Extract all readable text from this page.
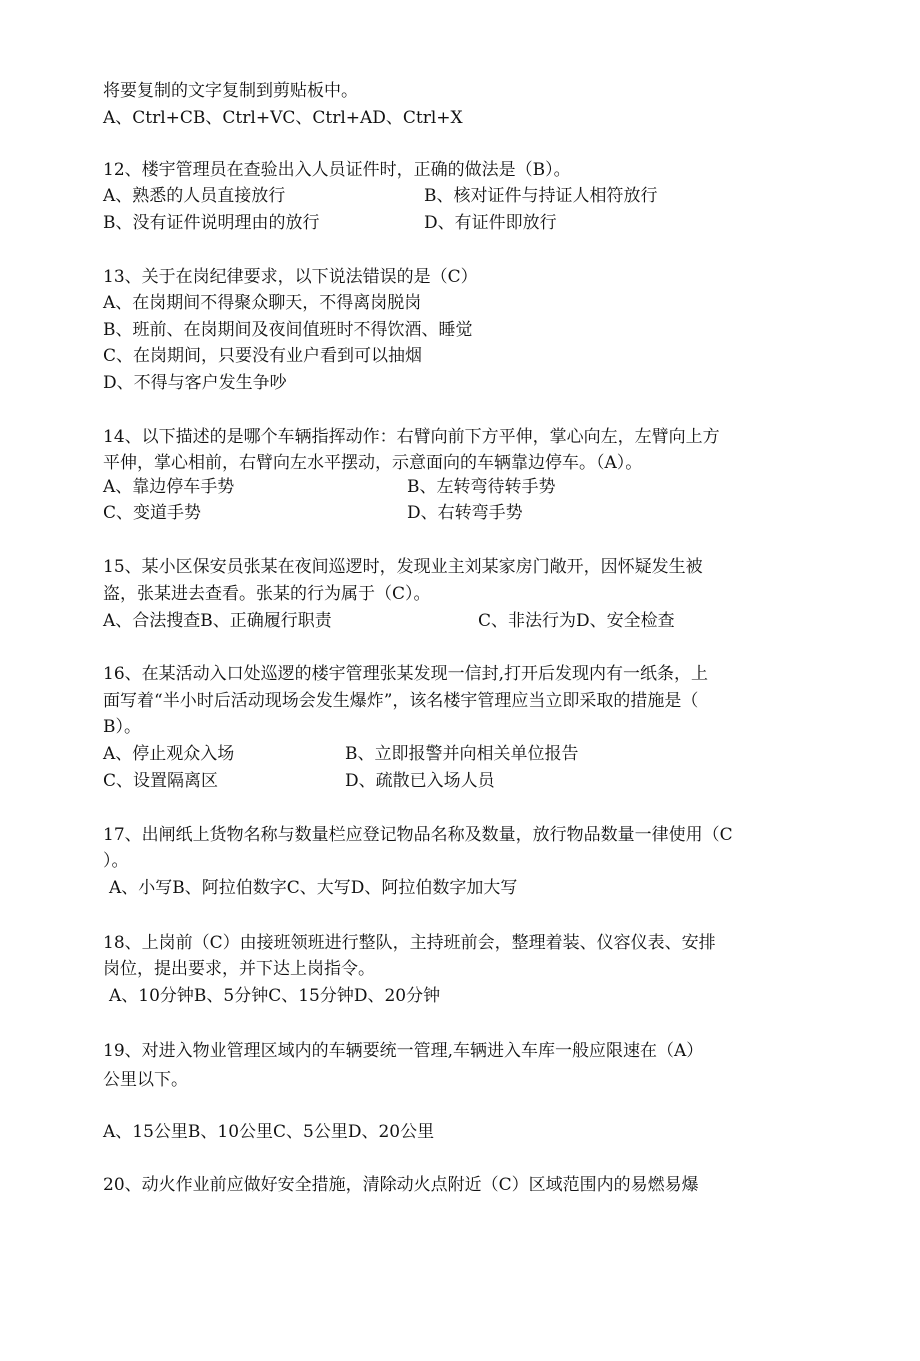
将要复制的文字复制到剪贴板中。
A、Ctrl+CB、Ctrl+VC、Ctrl+AD、Ctrl+X
12、楼宇管理员在查验出入人员证件时，正确的做法是（B）。
A、熟悉的人员直接放行	B、核对证件与持证人相符放行
B、没有证件说明理由的放行	D、有证件即放行
13、关于在岗纪律要求，以下说法错误的是（C）
A、在岗期间不得聚众聊天，不得离岗脱岗
B、班前、在岗期间及夜间值班时不得饮酒、睡觉
C、在岗期间，只要没有业户看到可以抽烟
D、不得与客户发生争吵
14、以下描述的是哪个车辆指挥动作：右臂向前下方平伸，掌心向左，左臂向上方
平伸，掌心相前，右臂向左水平摆动，示意面向的车辆靠边停车。（A）。
A、靠边停车手势	B、左转弯待转手势
C、变道手势	D、右转弯手势
15、某小区保安员张某在夜间巡逻时，发现业主刘某家房门敞开，因怀疑发生被
盗，张某进去查看。张某的行为属于（C）。
A、合法搜查B、正确履行职责	C、非法行为D、安全检查
16、在某活动入口处巡逻的楼宇管理张某发现一信封,打开后发现内有一纸条，上
面写着“半小时后活动现场会发生爆炸”，该名楼宇管理应当立即采取的措施是（
B）。
A、停止观众入场	B、立即报警并向相关单位报告
C、设置隔离区	D、疏散已入场人员
17、出闸纸上货物名称与数量栏应登记物品名称及数量，放行物品数量一律使用（C
）。
A、小写B、阿拉伯数字C、大写D、阿拉伯数字加大写
18、上岗前（C）由接班领班进行整队，主持班前会，整理着装、仪容仪表、安排
岗位，提出要求，并下达上岗指令。
A、10分钟B、5分钟C、15分钟D、20分钟
19、对进入物业管理区域内的车辆要统一管理,车辆进入车库一般应限速在（A）
公里以下。
A、15公里B、10公里C、5公里D、20公里
20、动火作业前应做好安全措施，清除动火点附近（C）区域范围内的易燃易爆
